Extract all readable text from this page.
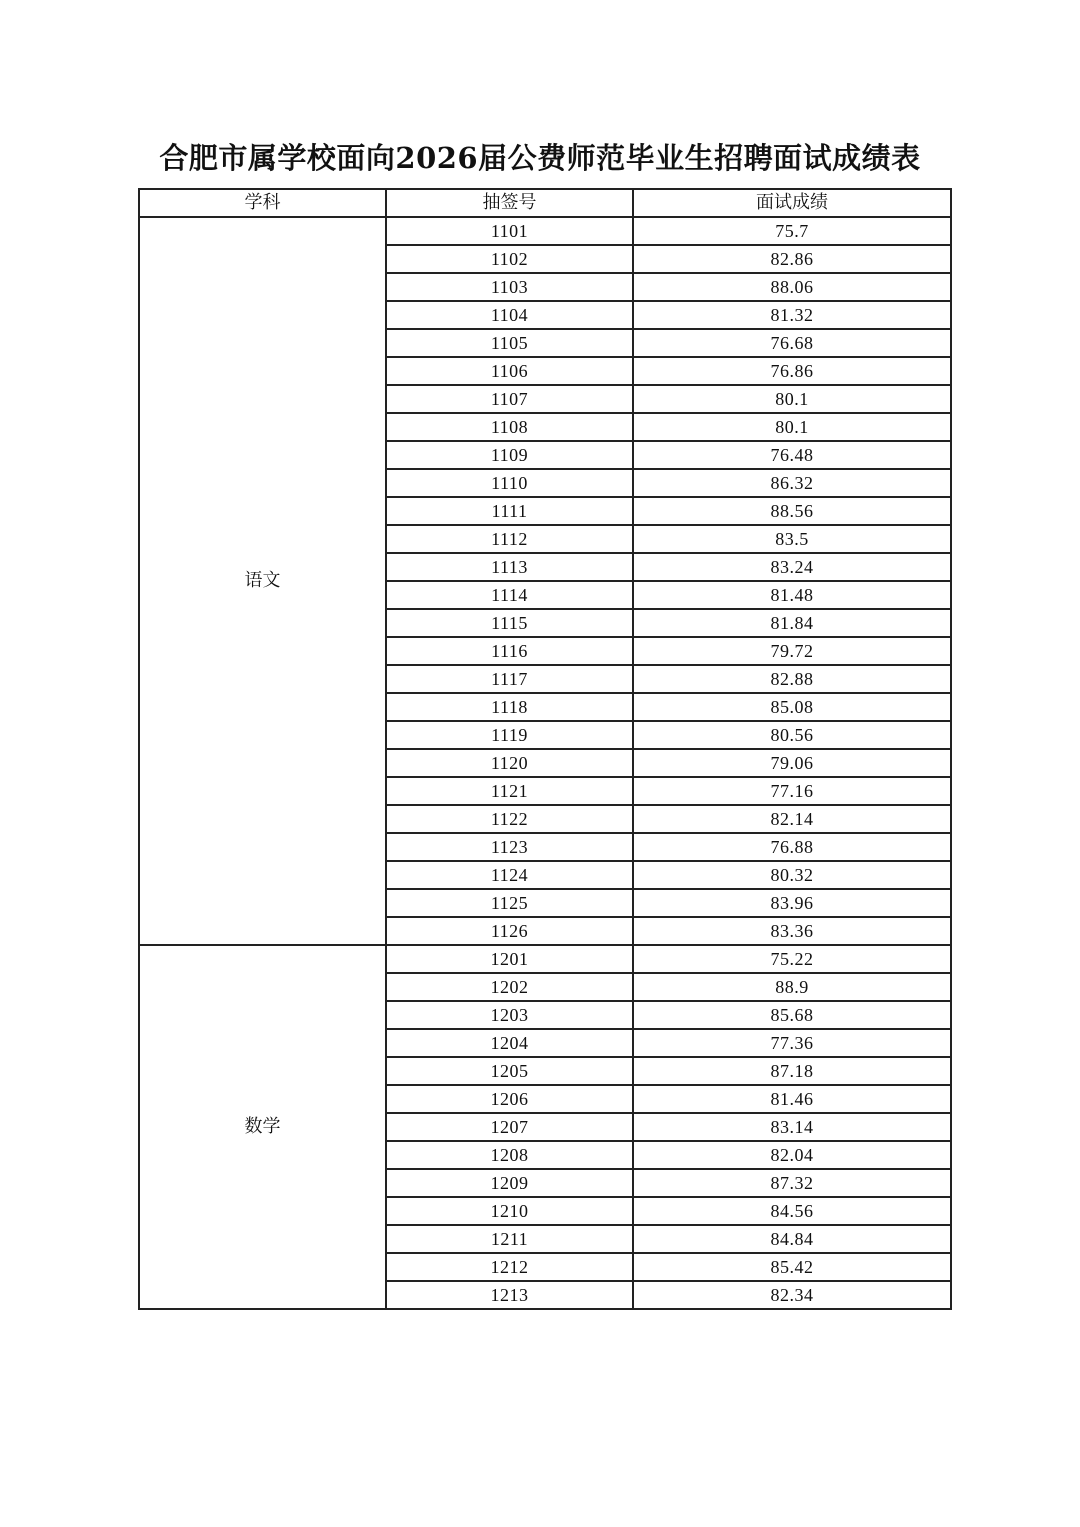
合肥市属学校面向2026届公费师范毕业生招聘面试成绩表
学科	抽签号	面试成绩
语文	1101	75.7
	1102	82.86
	1103	88.06
	1104	81.32
	1105	76.68
	1106	76.86
	1107	80.1
	1108	80.1
	1109	76.48
	1110	86.32
	1111	88.56
	1112	83.5
	1113	83.24
	1114	81.48
	1115	81.84
	1116	79.72
	1117	82.88
	1118	85.08
	1119	80.56
	1120	79.06
	1121	77.16
	1122	82.14
	1123	76.88
	1124	80.32
	1125	83.96
	1126	83.36
数学	1201	75.22
	1202	88.9
	1203	85.68
	1204	77.36
	1205	87.18
	1206	81.46
	1207	83.14
	1208	82.04
	1209	87.32
	1210	84.56
	1211	84.84
	1212	85.42
	1213	82.34
